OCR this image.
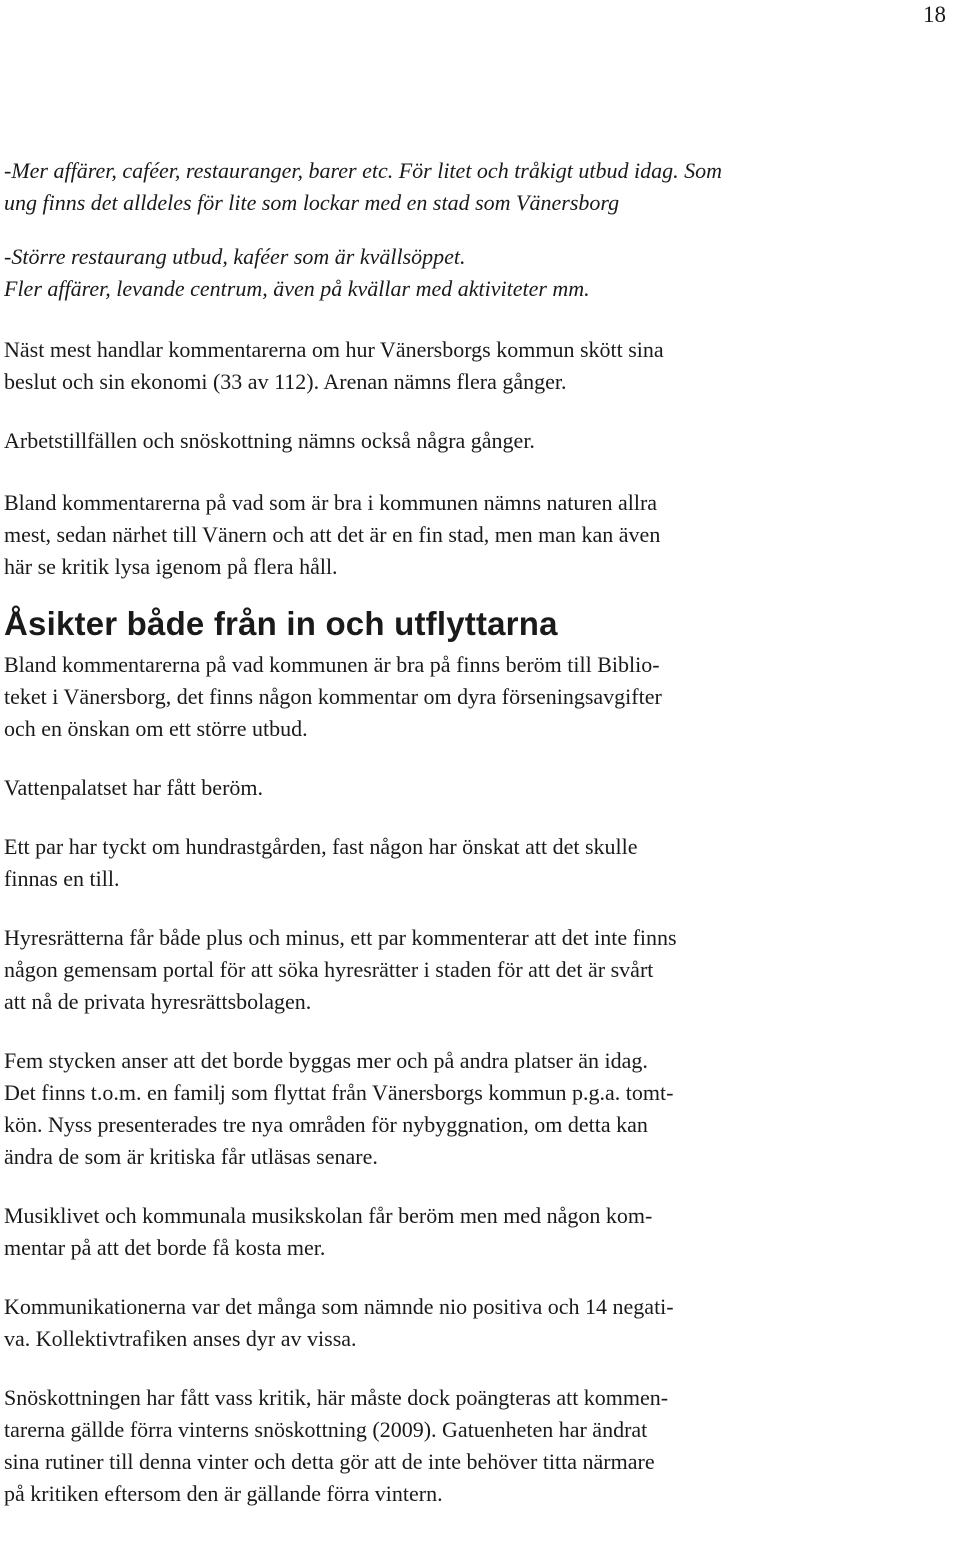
18

-Mer affärer, caféer, restauranger, barer etc. För litet och tråkigt utbud idag. Som
ung finns det alldeles för lite som lockar med en stad som Vänersborg

-Större restaurang utbud, kaféer som är kvällsöppet.
Fler affärer, levande centrum, även på kvällar med aktiviteter mm.

Näst mest handlar kommentarerna om hur Vänersborgs kommun skött sina
beslut och sin ekonomi (33 av 112). Arenan nämns flera gånger.

Arbetstillfällen och snöskottning nämns också några gånger.

Bland kommentarerna på vad som är bra i kommunen nämns naturen allra
mest, sedan närhet till Vänern och att det är en fin stad, men man kan även
här se kritik lysa igenom på flera håll.

Åsikter både från in och utflyttarna

Bland kommentarerna på vad kommunen är bra på finns beröm till Biblio-
teket i Vänersborg, det finns någon kommentar om dyra förseningsavgifter
och en önskan om ett större utbud.

Vattenpalatset har fått beröm.

Ett par har tyckt om hundrastgården, fast någon har önskat att det skulle
finnas en till.

Hyresrätterna får både plus och minus, ett par kommenterar att det inte finns
någon gemensam portal för att söka hyresrätter i staden för att det är svårt
att nå de privata hyresrättsbolagen.

Fem stycken anser att det borde byggas mer och på andra platser än idag.
Det finns t.o.m. en familj som flyttat från Vänersborgs kommun p.g.a. tomt-
kön. Nyss presenterades tre nya områden för nybyggnation, om detta kan
ändra de som är kritiska får utläsas senare.

Musiklivet och kommunala musikskolan får beröm men med någon kom-
mentar på att det borde få kosta mer.

Kommunikationerna var det många som nämnde nio positiva och 14 negati-
va. Kollektivtrafiken anses dyr av vissa.

Snöskottningen har fått vass kritik, här måste dock poängteras att kommen-
tarerna gällde förra vinterns snöskottning (2009). Gatuenheten har ändrat
sina rutiner till denna vinter och detta gör att de inte behöver titta närmare
på kritiken eftersom den är gällande förra vintern.
